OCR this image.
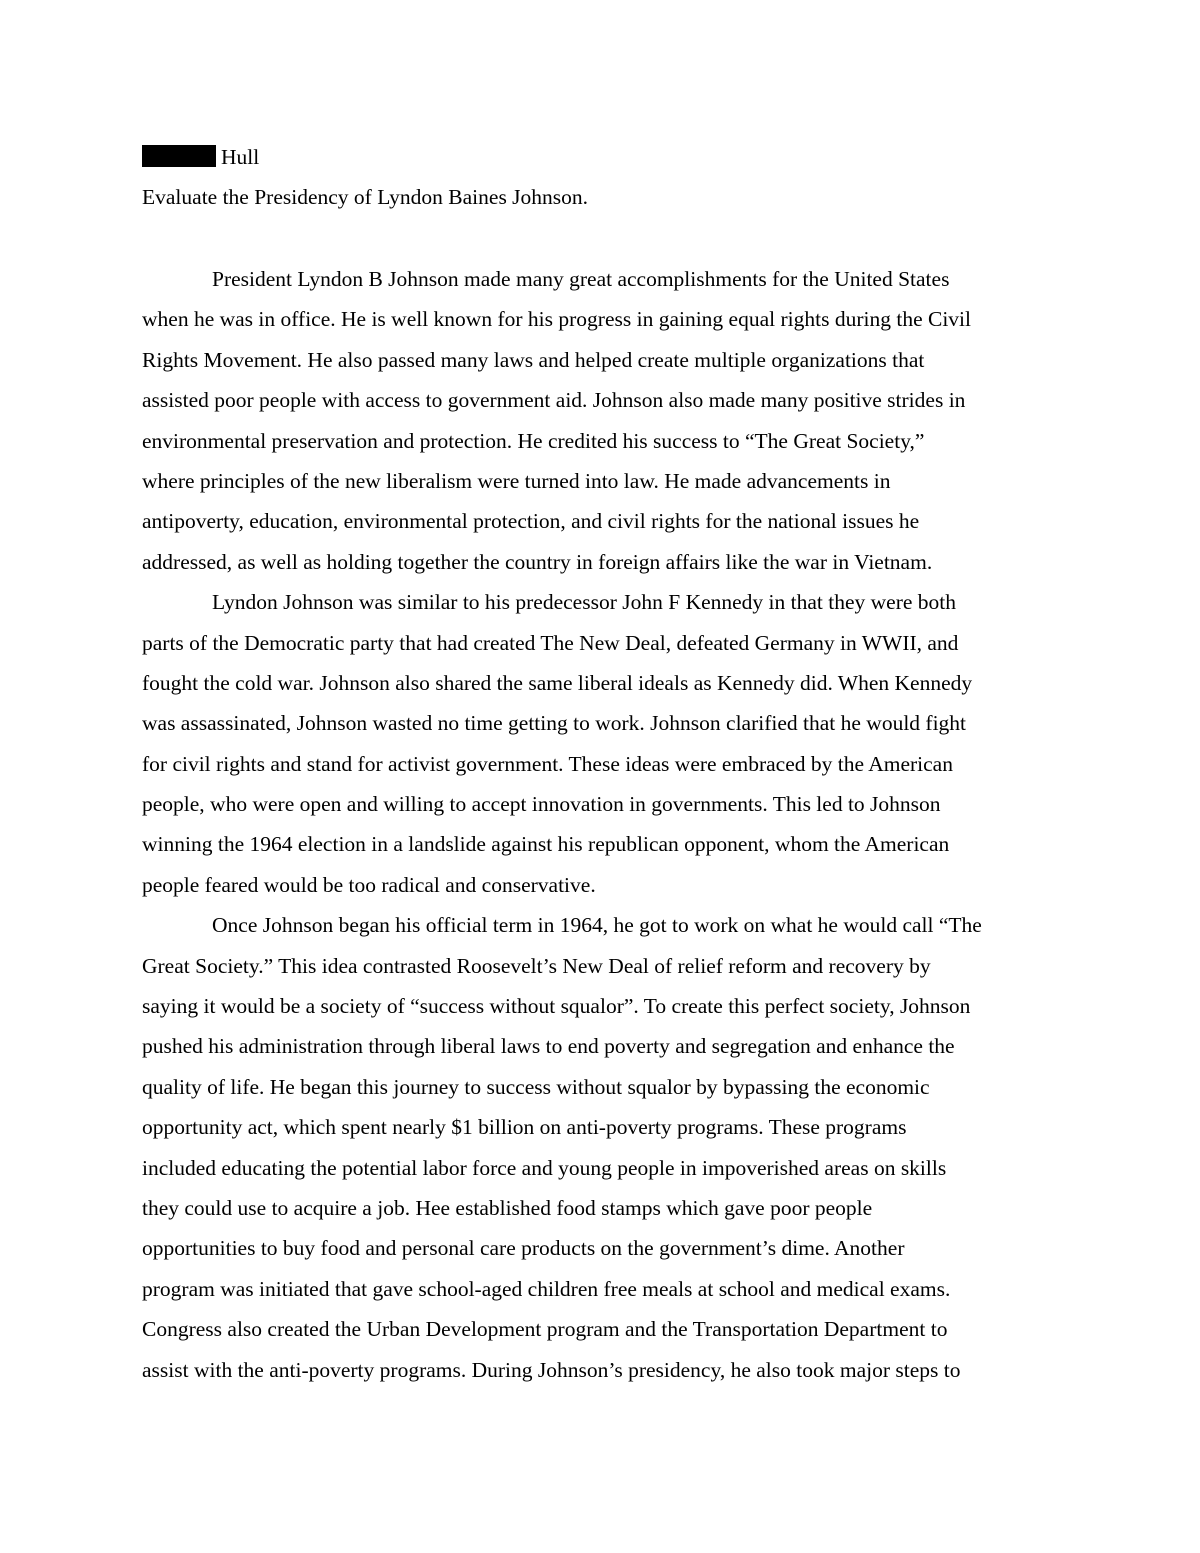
Hull
Evaluate the Presidency of Lyndon Baines Johnson.
President Lyndon B Johnson made many great accomplishments for the United States
when he was in office. He is well known for his progress in gaining equal rights during the Civil
Rights Movement. He also passed many laws and helped create multiple organizations that
assisted poor people with access to government aid. Johnson also made many positive strides in
environmental preservation and protection. He credited his success to “The Great Society,”
where principles of the new liberalism were turned into law. He made advancements in
antipoverty, education, environmental protection, and civil rights for the national issues he
addressed, as well as holding together the country in foreign affairs like the war in Vietnam.
Lyndon Johnson was similar to his predecessor John F Kennedy in that they were both
parts of the Democratic party that had created The New Deal, defeated Germany in WWII, and
fought the cold war. Johnson also shared the same liberal ideals as Kennedy did. When Kennedy
was assassinated, Johnson wasted no time getting to work. Johnson clarified that he would fight
for civil rights and stand for activist government. These ideas were embraced by the American
people, who were open and willing to accept innovation in governments. This led to Johnson
winning the 1964 election in a landslide against his republican opponent, whom the American
people feared would be too radical and conservative.
Once Johnson began his official term in 1964, he got to work on what he would call “The
Great Society.” This idea contrasted Roosevelt’s New Deal of relief reform and recovery by
saying it would be a society of “success without squalor”. To create this perfect society, Johnson
pushed his administration through liberal laws to end poverty and segregation and enhance the
quality of life. He began this journey to success without squalor by bypassing the economic
opportunity act, which spent nearly $1 billion on anti-poverty programs. These programs
included educating the potential labor force and young people in impoverished areas on skills
they could use to acquire a job. Hee established food stamps which gave poor people
opportunities to buy food and personal care products on the government’s dime. Another
program was initiated that gave school-aged children free meals at school and medical exams.
Congress also created the Urban Development program and the Transportation Department to
assist with the anti-poverty programs. During Johnson’s presidency, he also took major steps to
